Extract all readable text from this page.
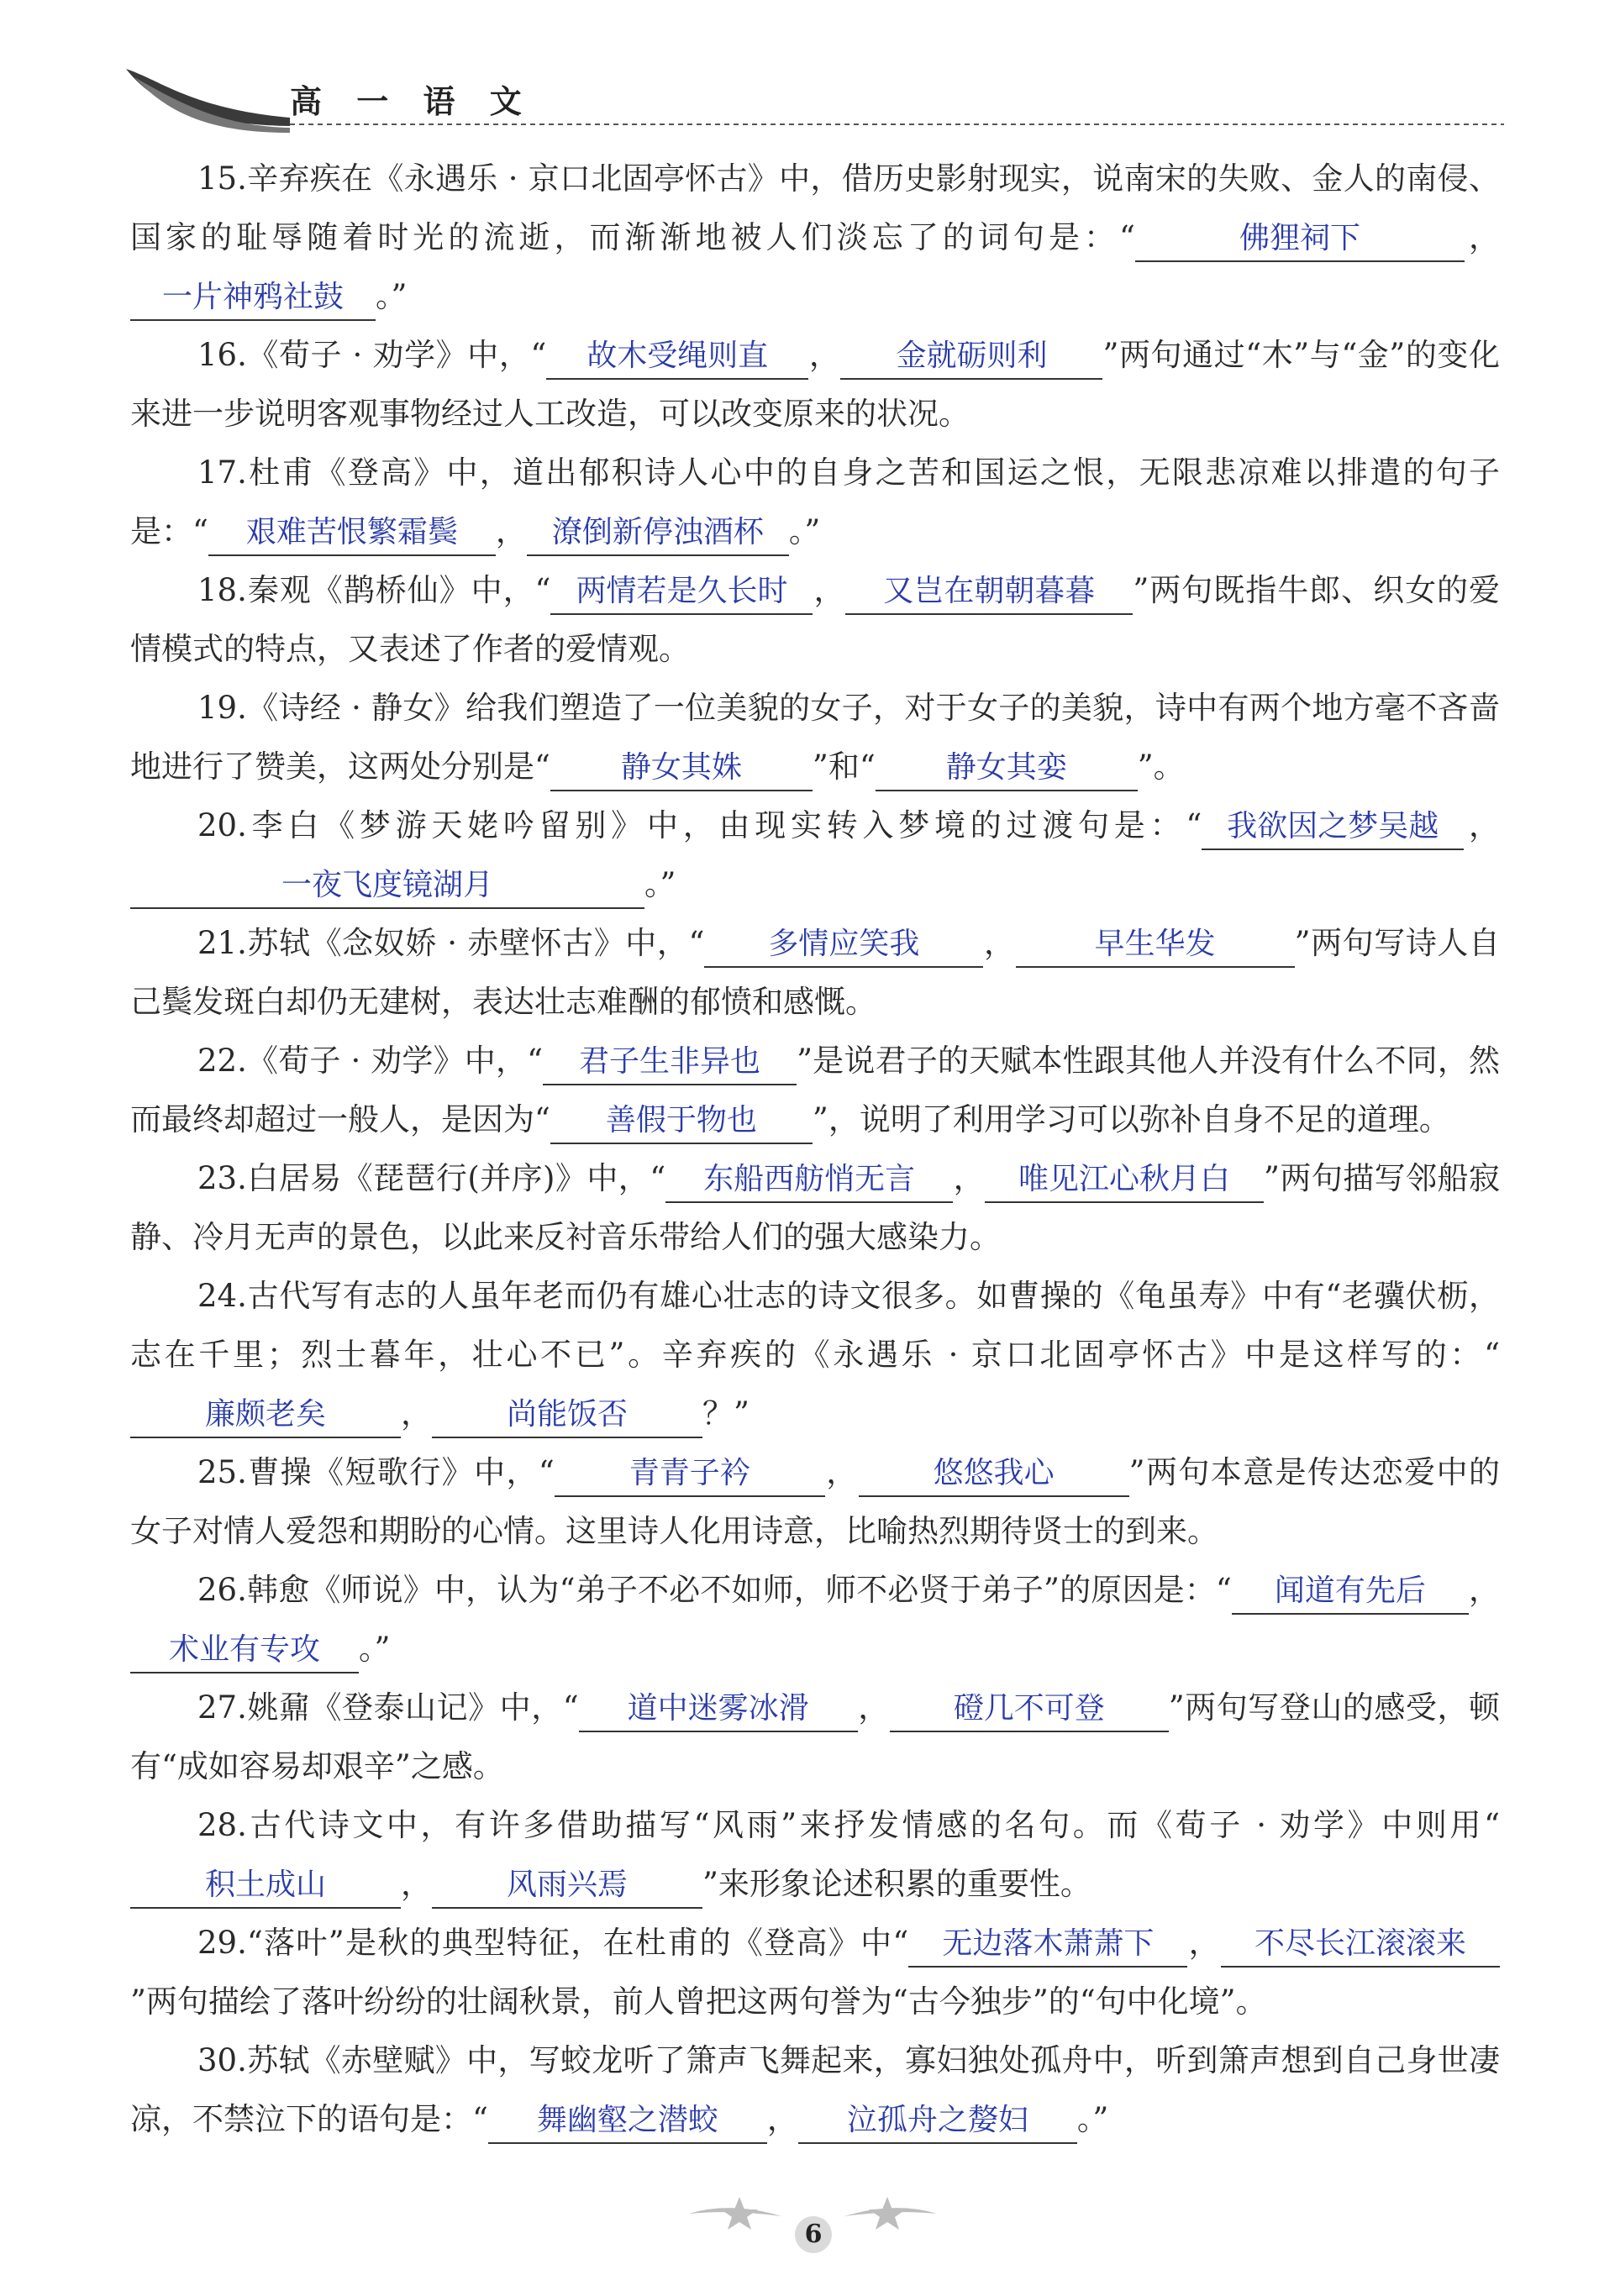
高 一 语 文

15.辛弃疾在《永遇乐 · 京口北固亭怀古》中，借历史影射现实，说南宋的失败、金人的南侵、国家的耻辱随着时光的流逝，而渐渐地被人们淡忘了的词句是：“	佛狸祠下	，一片神鸦社鼓 。”

16.《荀子 · 劝学》中，“ 故木受绳则直 ， 金就砺则利 ”两句通过“木”与“金”的变化来进一步说明客观事物经过人工改造，可以改变原来的状况。

17.杜甫《登高》中，道出郁积诗人心中的自身之苦和国运之恨，无限悲凉难以排遣的句子是：“ 艰难苦恨繁霜鬓 ， 潦倒新停浊酒杯 。”

18.秦观《鹊桥仙》中，“ 两情若是久长时 ， 又岂在朝朝暮暮 ”两句既指牛郎、织女的爱情模式的特点，又表述了作者的爱情观。

19.《诗经 · 静女》给我们塑造了一位美貌的女子，对于女子的美貌，诗中有两个地方毫不吝啬地进行了赞美，这两处分别是“ 静女其姝 ”和“ 静女其娈 ”。

20.李白《梦游天姥吟留别》中，由现实转入梦境的过渡句是：“ 我欲因之梦吴越 ，一夜飞度镜湖月	。”

21.苏轼《念奴娇 · 赤壁怀古》中，“ 多情应笑我 ，	早生华发	”两句写诗人自己鬓发斑白却仍无建树，表达壮志难酬的郁愤和感慨。

22.《荀子 · 劝学》中，“ 君子生非异也 ”是说君子的天赋本性跟其他人并没有什么不同，然而最终却超过一般人，是因为“ 善假于物也 ”，说明了利用学习可以弥补自身不足的道理。

23.白居易《琵琶行(并序)》中，“ 东船西舫悄无言 ， 唯见江心秋月白 ”两句描写邻船寂静、冷月无声的景色，以此来反衬音乐带给人们的强大感染力。

24.古代写有志的人虽年老而仍有雄心壮志的诗文很多。如曹操的《龟虽寿》中有“老骥伏枥，志在千里；烈士暮年，壮心不已”。辛弃疾的《永遇乐 · 京口北固亭怀古》中是这样写的：“廉颇老矣 ， 尚能饭否 ？”

25.曹操《短歌行》中，“ 青青子衿 ， 悠悠我心 ”两句本意是传达恋爱中的女子对情人爱怨和期盼的心情。这里诗人化用诗意，比喻热烈期待贤士的到来。

26.韩愈《师说》中，认为“弟子不必不如师，师不必贤于弟子”的原因是：“ 闻道有先后 ，术业有专攻 。”

27.姚鼐《登泰山记》中，“ 道中迷雾冰滑 ， 磴几不可登 ”两句写登山的感受，顿有“成如容易却艰辛”之感。

28.古代诗文中，有许多借助描写“风雨”来抒发情感的名句。而《荀子 · 劝学》中则用“积土成山 ， 风雨兴焉 ”来形象论述积累的重要性。

29.“落叶”是秋的典型特征，在杜甫的《登高》中“ 无边落木萧萧下 ， 不尽长江滚滚来”两句描绘了落叶纷纷的壮阔秋景，前人曾把这两句誉为“古今独步”的“句中化境”。

30.苏轼《赤壁赋》中，写蛟龙听了箫声飞舞起来，寡妇独处孤舟中，听到箫声想到自己身世凄凉，不禁泣下的语句是：“ 舞幽壑之潜蛟 ， 泣孤舟之嫠妇 。”

6
